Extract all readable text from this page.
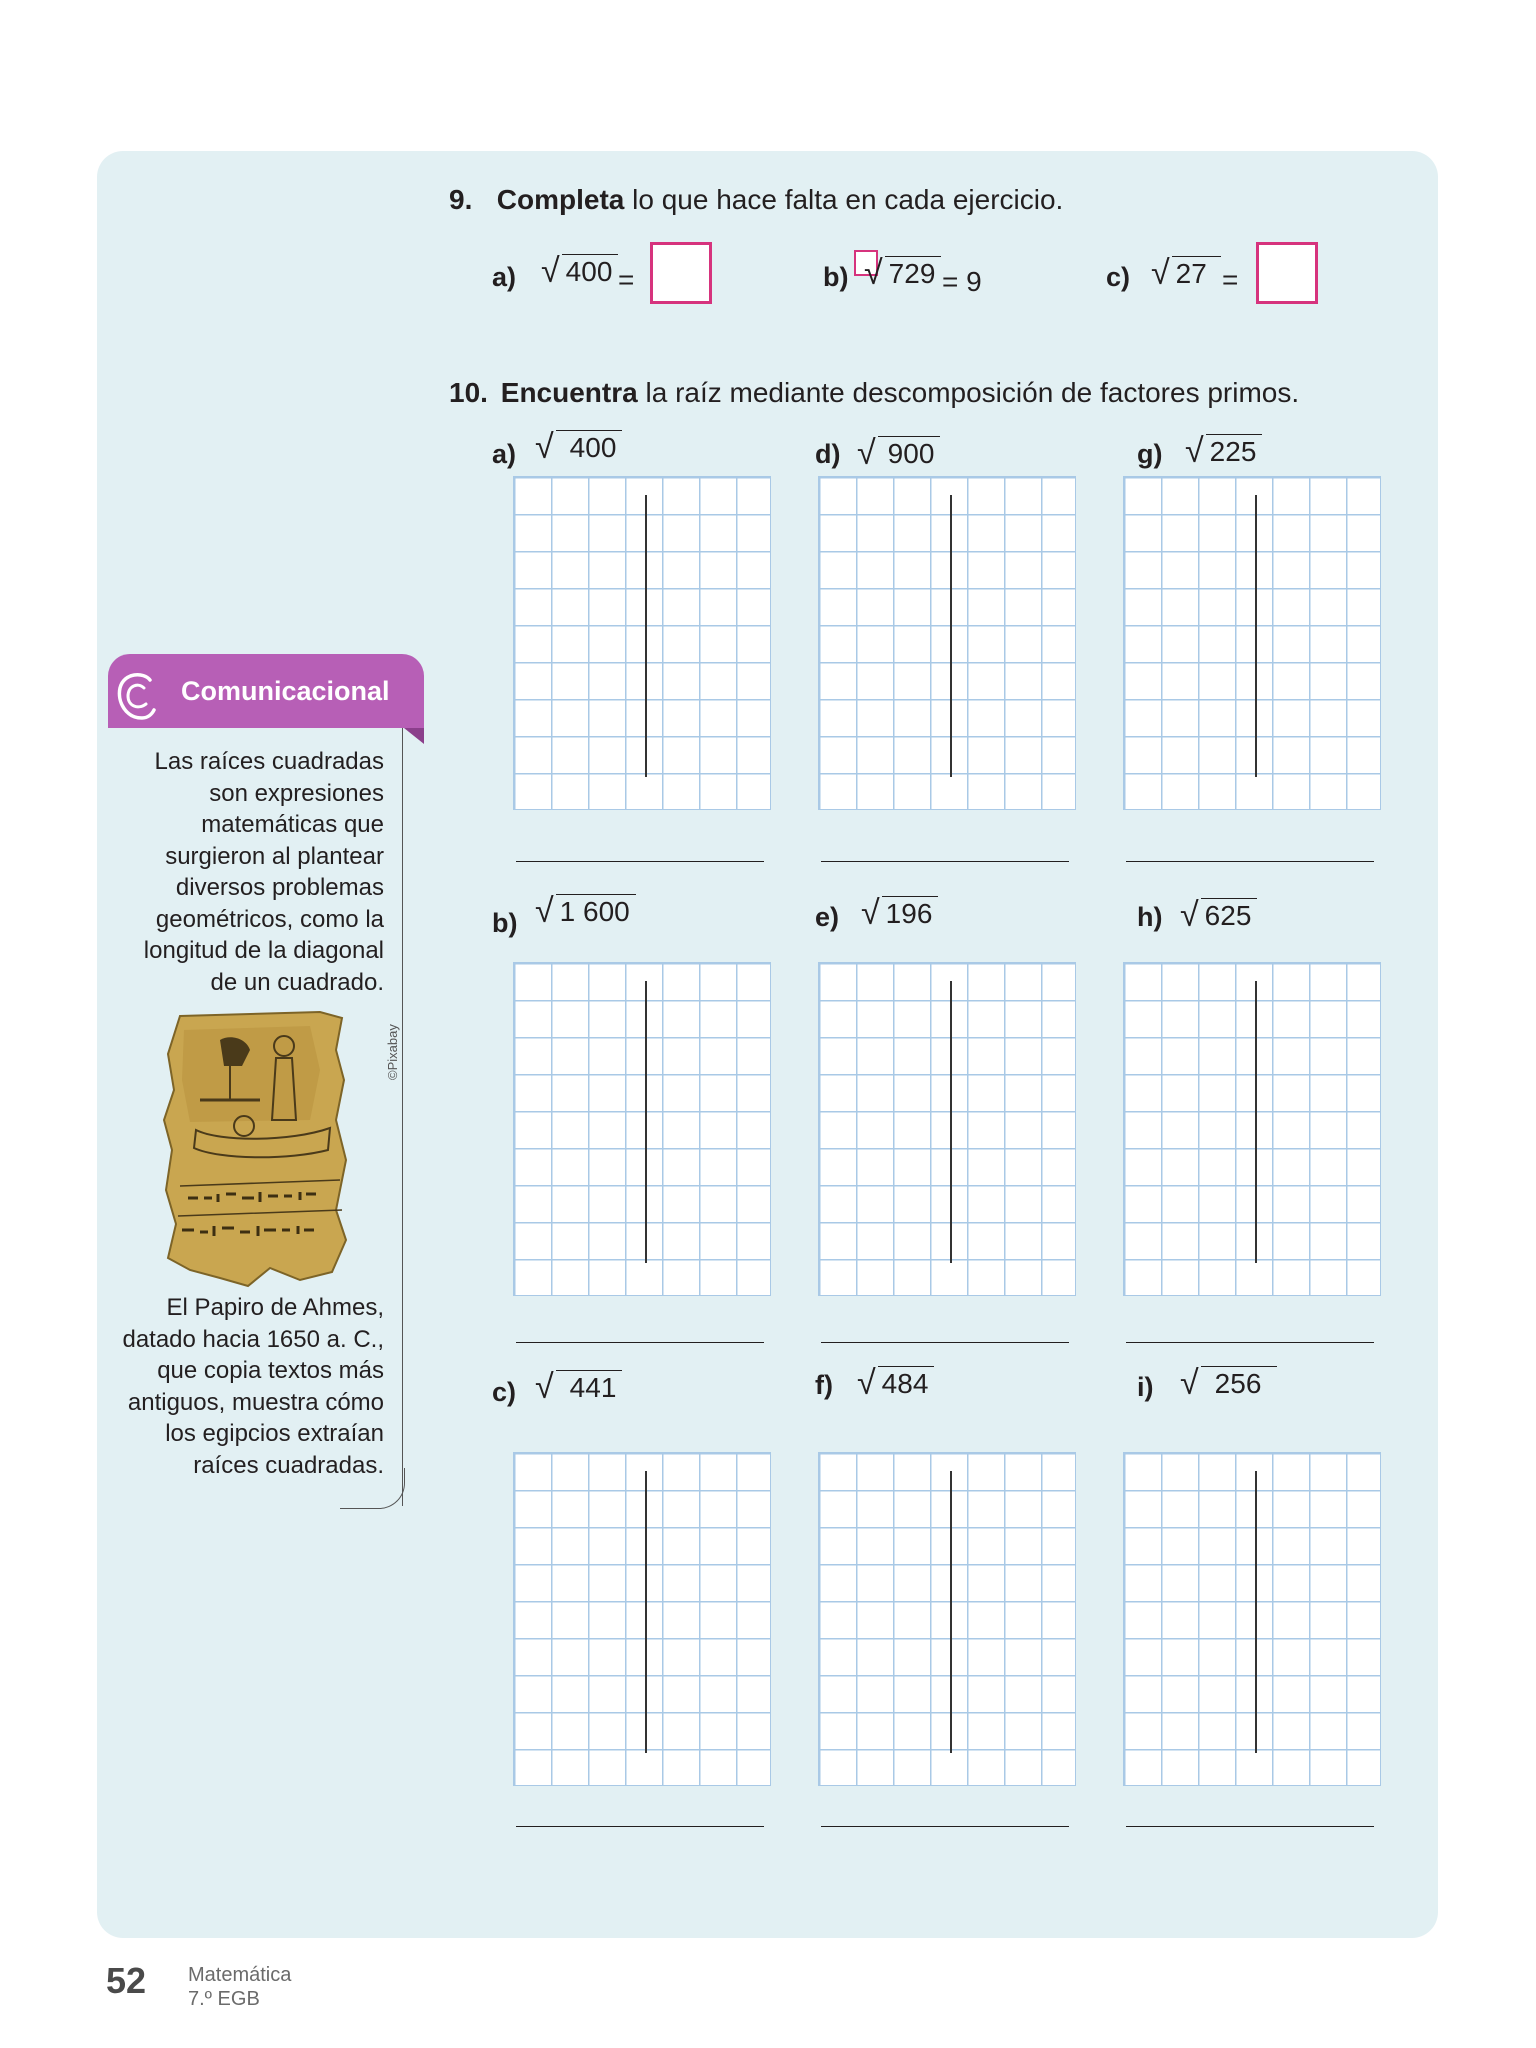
9. Completa lo que hace falta en cada ejercicio.
a) √ 400 =	b) √ 729 = 9	c) √ 27 =
10. Encuentra la raíz mediante descomposición de factores primos.
a) √ 400	d) √ 900	g) √ 225
b) √ 1 600	e) √ 196	h) √ 625
c) √ 441	f) √ 484	i) √ 256
Comunicacional
Las raíces cuadradas
son expresiones
matemáticas que
surgieron al plantear
diversos problemas
geométricos, como la
longitud de la diagonal
de un cuadrado.
©Pixabay
El Papiro de Ahmes,
datado hacia 1650 a. C.,
que copia textos más
antiguos, muestra cómo
los egipcios extraían
raíces cuadradas.
52 Matemática
7.º EGB
